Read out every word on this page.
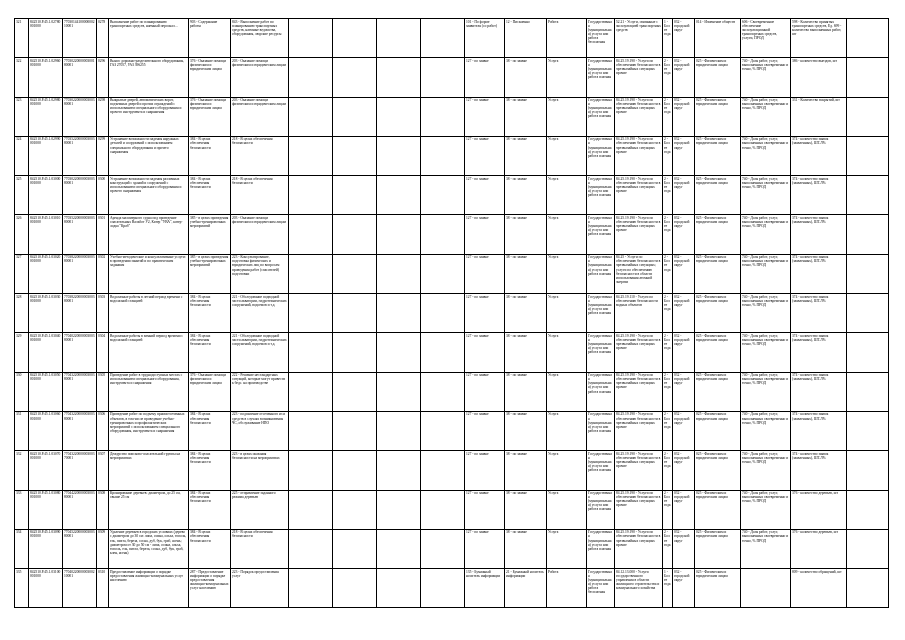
321	842510.Р.45.1.02780001000	7703014410000000210001	0278	Выполнение работ по планированию транспортных средств, наемный персонал…	903 - Содержание работы	843 - Выполнение работ по планированию транспортных средств, наемные ведомства, оборудования, людские ресурсы					101 - По форме заявителя (со работ)	12 - Письменно	Работа	Государственная (муниципальная) услуга или работа бесплатная	52.21 - Услуги, связанные с эксплуатацией транспортных средств	1 - Более года	032 - городской округ	014 - Изменение обществ	606 - Своевременное обеспечение эксплуатационной транспортных средств, услуги, ПРОД	598 - Количество принятых транспортных средств, Ед. 699 - количество выполненных работ, шт	
322	842510.Р.45.1.02960001000	7703022000000300180001	0296	Вынос дорожно-разделительного оборудования, ГАЗ 27057, УАЗ 396255	376 - Оказание помощи физическим и юридическим лицам	203 - Оказание помощи физическим и юридическим лицам					127 - по заявке	38 - по заявке	Услуга	Государственная (муниципальная) услуга или работа платная	84.25.19.190 - Услуги по обеспечению безопасности в чрезвычайных ситуациях прочие	2 - Более года	032 - городской округ	025 - Физическим и юридическим лицам	740 - Доля работ, услуг, выполненных своевременно и точно, % ПРОД	386 - количество выездов, шт	
323	842510.Р.45.1.02980001000	7703022000000300380001	0298	Выкрытые дверей, автоматических ворот, подъемных дверей и прочих ограждений с использованием специального оборудования и прочего инструмента и снаряжения	376 - Оказание помощи физическим и юридическим лицам	203 - Оказание помощи физическим и юридическим лицам					127 - по заявке	38 - по заявке	Услуга	Государственная (муниципальная) услуга или работа платная	84.25.19.190 - Услуги по обеспечению безопасности в чрезвычайных ситуациях прочие	2 - Более года	032 - городской округ	025 - Физическим и юридическим лицам	740 - Доля работ, услуг, выполненных своевременно и точно, % ПРОД	331 - Количество вскрытий, шт	
324	842510.Р.45.1.02990001000	7703522000000300380001	0299	Устранение возможности падения наружных деталей и сооружений с использованием специального оборудования и прочего снаряжения	384 - В целях обеспечения безопасности	218 - В целях обеспечения безопасности					127 - по заявке	38 - по заявке	Услуга	Государственная (муниципальная) услуга или работа платная	84.25.19.190 - Услуги по обеспечению безопасности в чрезвычайных ситуациях прочие	2 - Более года	032 - городской округ	025 - Физическим и юридическим лицам	740 - Доля работ, услуг, выполненных своевременно и точно, % ПРОД	374 - количество заявок (заявленных), ШТ.Л%	
325	842510.Р.45.1.03000001000	7703022000000300380001	0300	Устранение возможности падения различных конструкций с зданий и сооружений с использованием специального оборудования и прочего снаряжения	384 - В целях обеспечения безопасности	218 - В целях обеспечения безопасности					127 - по заявке	38 - по заявке	Услуга	Государственная (муниципальная) услуга или работа платная	84.25.19.190 - Услуги по обеспечению безопасности в чрезвычайных ситуациях прочие	2 - Более года	032 - городской округ	025 - Физическим и юридическим лицам	740 - Доля работ, услуг, выполненных своевременно и точно, % ПРОД	374 - количество заявок (заявленных), ШТ.Л%	
326	842510.Р.45.1.03010001000	7703522000000300380001	0301	Аренда маломерного судна под проведение спасательных Вальбот У2, Катер "УВА", катер-лодка "Краб"	385 - в целях проведения учебно-тренировочных мероприятий	203 - Оказание помощи физическим и юридическим лицам					127 - по заявке	38 - по заявке	Услуга	Государственная (муниципальная) услуга или работа платная	84.25.19.190 - Услуги по обеспечению безопасности в чрезвычайных ситуациях прочие	2 - Более года	032 - городской округ	025 - Физическим и юридическим лицам	740 - Доля работ, услуг, выполненных своевременно и точно, % ПРОД	374 - количество заявок (заявленных), ШТ.Л%	
327	842510.Р.45.1.03020001000	7703822000000300380001	0302	Учебно-методические и консультативные услуги: в проведении занятий и по практическим заданиям	385 - в целях проведения учебно-тренировочных мероприятий	223 - Консультирование, подготовка физических и юридических лиц по вопросам проведения работ (спасателей) подготовки					127 - по заявке	38 - по заявке	Услуга	Государственная (муниципальная) услуга или работа платная	84.25 - Услуги по обеспечению безопасности в чрезвычайных ситуациях; услуги по обеспечению безопасности в области использования атомной энергии	2 - Более года	032 - городской округ	025 - Физическим и юридическим лицам	740 - Доля работ, услуг, выполненных своевременно и точно, % ПРОД	374 - количество заявок (заявленных), ШТ.Л%	
328	842510.Р.45.1.03030001000	7703822000000300380001	0303	Водолазные работы в летний период времени с водолазной станцией	384 - В целях обеспечения безопасности	221 - Обследование подводной части акватории, гидротехнических сооружений, водоемов и т.д.					127 - по заявке	38 - по заявке	Услуга	Государственная (муниципальная) услуга или работа платная	84.25.19.110 - Услуги по обеспечению безопасности водных объектов	2 - Более года	032 - городской округ	025 - Физическим и юридическим лицам	740 - Доля работ, услуг, выполненных своевременно и точно, % ПРОД	374 - количество заявок (заявленных), ШТ.Л%	
329	842510.Р.45.1.03040001000	7704022000000300380001	0304	Водолазные работы в зимний период времени с водолазной станцией	384 - В целях обеспечения безопасности	221 - Обследование подводной части акватории, гидротехнических сооружений, водоемов и т.д.					127 - по заявке	38 - по заявке	Услуга	Государственная (муниципальная) услуга или работа платная	84.25.19.190 - Услуги по обеспечению безопасности в чрезвычайных ситуациях прочие	2 - Более года	032 - городской округ	025 - Физическим и юридическим лицам	740 - Доля работ, услуг, выполненных своевременно и точно, % ПРОД	374 - количество заявок (заявленных), ШТ.Л%	
330	842510.Р.45.1.03050001000	7704322000000300380001	0305	Проведение работ в труднодоступных местах с использованием специального оборудования, инструмента и снаряжения	376 - Оказание помощи физическим и юридическим лицам	222 - Решение нестандартных ситуаций, которые могут привести к бедс. на производстве					127 - по заявке	38 - по заявке	Услуга	Государственная (муниципальная) услуга или работа платная	84.25.19.190 - Услуги по обеспечению безопасности в чрезвычайных ситуациях прочие	2 - Более года	032 - городской округ	025 - Физическим и юридическим лицам	740 - Доля работ, услуг, выполненных своевременно и точно, % ПРОД	374 - количество заявок (заявленных), ШТ.Л%	
331	842510.Р.45.1.03060001000	7704322000000300380001	0306	Проведение работ по подъему прямоотсеченных объектов, в том числе проведение учебно-тренировочных и профилактических мероприятий с использованием специального оборудования, инструмента и снаряжения	384 - В целях обеспечения безопасности	223 - подпиление отсеченного из и средств в случаях возникновения ЧС, обслуживание НПО					127 - по заявке	38 - по заявке	Услуга	Государственная (муниципальная) услуга или работа платная	84.25.19.190 - Услуги по обеспечению безопасности в чрезвычайных ситуациях прочие	2 - Более года	032 - городской округ	025 - Физическим и юридическим лицам	740 - Доля работ, услуг, выполненных своевременно и точно, % ПРОД	374 - количество заявок (заявленных), ШТ.Л%	
332	842510.Р.45.1.03070001000	7704322000000300370001	0307	Дежурство поисково-спасательной группы на мероприятиях	384 - В целях обеспечения безопасности	223 - в целях оказания безопасности на мероприятиях					127 - по заявке	38 - по заявке	Услуга	Государственная (муниципальная) услуга или работа платная	84.25.19.190 - Услуги по обеспечению безопасности в чрезвычайных ситуациях прочие	2 - Более года	032 - городской округ	025 - Физическим и юридическим лицам	740 - Доля работ, услуг, выполненных своевременно и точно, % ПРОД	374 - количество заявок (заявленных), ШТ.Л%	
333	842510.Р.45.1.03080001000	7704422000000300380001	0308	Кронирование деревьев: диаметром, до 25 см, свыше 25 см	384 - В целях обеспечения безопасности	225 - отправление заданного режима деревьев					127 - по заявке	38 - по заявке	Услуга	Государственная (муниципальная) услуга или работа платная	84.25.19.190 - Услуги по обеспечению безопасности в чрезвычайных ситуациях прочие	2 - Более года	032 - городской округ	025 - Физическим и юридическим лицам	740 - Доля работ, услуг, выполненных своевременно и точно, % ПРОД	376 - количество деревьев, шт	
334	842510.Р.45.1.03090001000	7704522000000300380001	0309	Удаление деревьев в городских условиях (дерево с диаметром до 30 см: липа, осина, ольха, тополь, ель, пихта, береза, сосна, дуб, бук, граб, ясень; диаметром от 30 до 50 см - липа, осина, ольха, тополь, ель, пихта, береза, сосна, дуб, бук, граб, клен, ясень)	384 - В целях обеспечения безопасности	218 - В целях обеспечения безопасности					127 - по заявке	38 - по заявке	Услуга	Государственная (муниципальная) услуга или работа платная	84.25.19.190 - Услуги по обеспечению безопасности в чрезвычайных ситуациях прочие	2 - Более года	032 - городской округ	025 - Физическим и юридическим лицам	740 - Доля работ, услуг, выполненных своевременно и точно, % ПРОД	376 - количество деревьев, шт	
335	842510.Р.45.1.03100001000	7704022000000300210001	0310	Предоставление информации о порядке предоставления жилищно-коммунальных услуг населению	287 - Предоставление информации о порядке предоставления жилищно-коммунальных услуг населению	223 - Порядок предоставления услуг					135 - Бумажный носитель информации	21 - Бумажный носитель информации	Работа	Государственная (муниципальная) услуга или работа бесплатная	84.12.13.000 - Услуги государственного управления в области жилищного строительства и коммунального хозяйства	1 - Более года	032 - городской округ	025 - Физическим и юридическим лицам		809 - количество обращений, шт	
